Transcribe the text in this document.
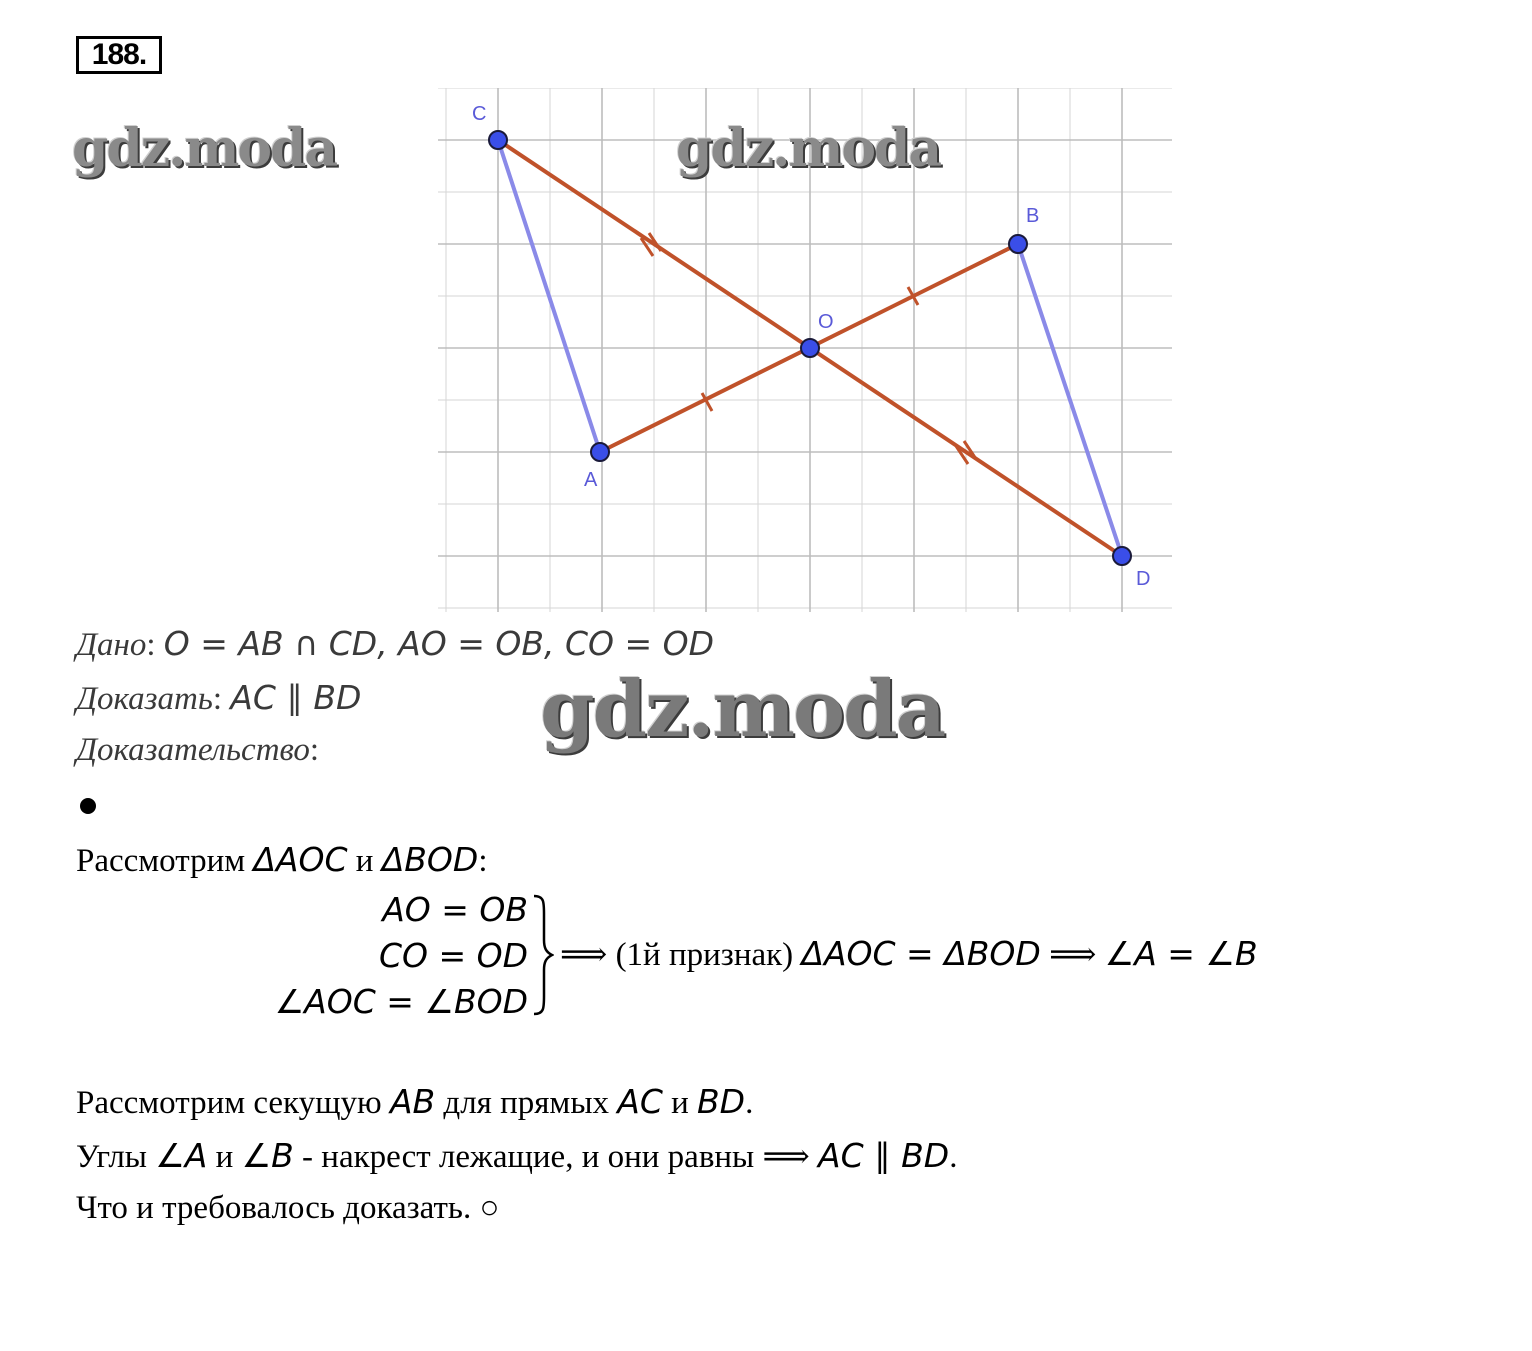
188.
C
B
O
A
D
gdz.moda	gdz.moda
Дано: O = AB ∩ CD, AO = OB, CO = OD
Доказать: AC ∥ BD
Доказательство:	gdz.moda
Рассмотрим ΔAOC и ΔBOD:
AO = OB
CO = OD
∠AOC = ∠BOD
⟹ (1й признак) ΔAOC = ΔBOD ⟹ ∠A = ∠B
Рассмотрим секущую AB для прямых AC и BD.
Углы ∠A и ∠B - накрест лежащие, и они равны ⟹ AC ∥ BD.
Что и требовалось доказать. ○
